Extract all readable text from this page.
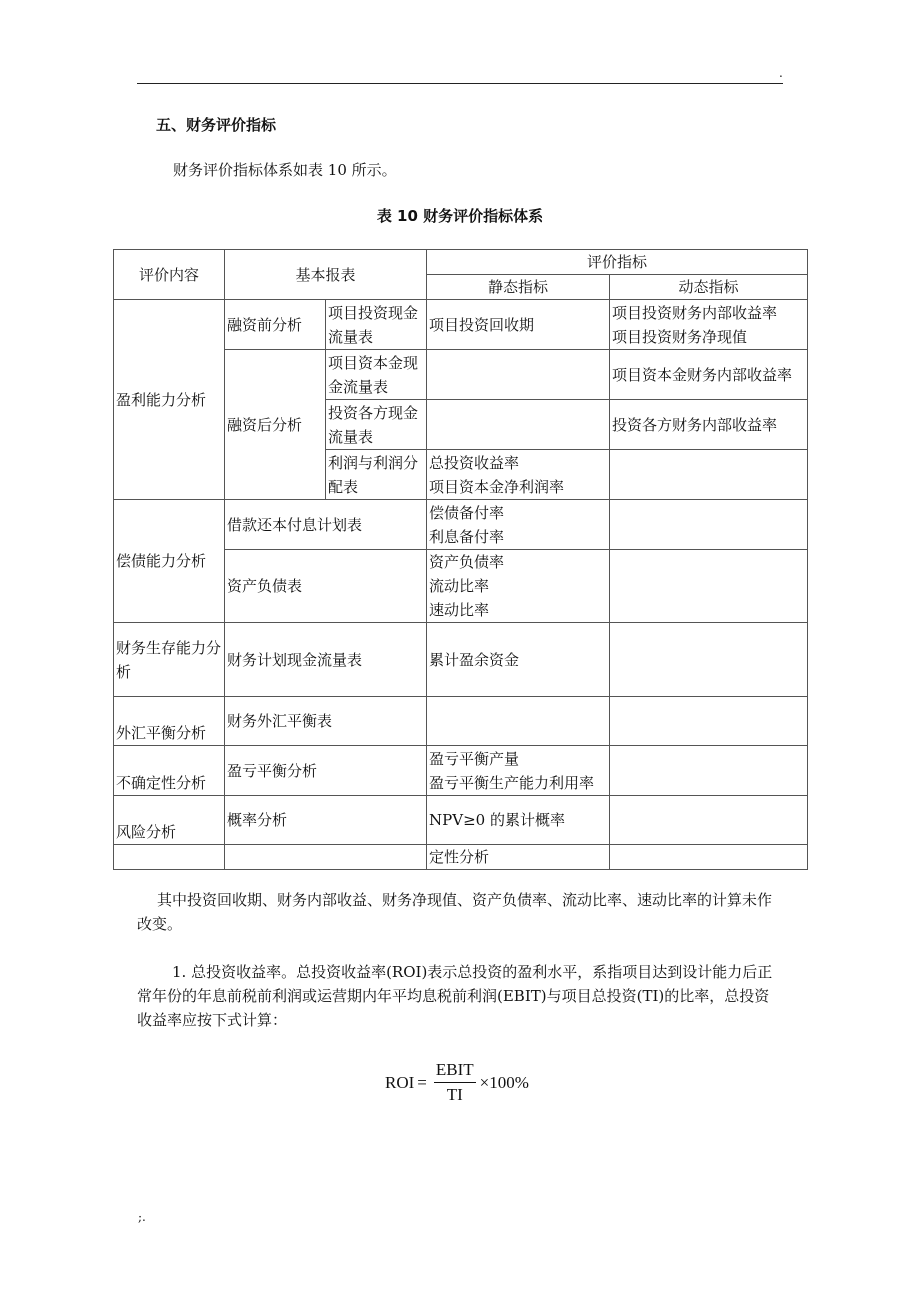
.
五、财务评价指标
财务评价指标体系如表 10 所示。
表 10 财务评价指标体系
评价内容	基本报表		评价指标	
			静态指标	动态指标
盈利能力分析	融资前分析	项目投资现金流量表	项目投资回收期	项目投资财务内部收益率
项目投资财务净现值

	融资后分析	项目资本金现金流量表		项目资本金财务内部收益率

		投资各方现金流量表		投资各方财务内部收益率

		利润与利润分配表	总投资收益率
项目资本金净利润率	

偿债能力分析	借款还本付息计划表		偿债备付率
利息备付率	

	资产负债表		资产负债率
流动比率
速动比率	

财务生存能力分析	财务计划现金流量表		累计盈余资金	
外汇平衡分析	财务外汇平衡表			
不确定性分析	盈亏平衡分析		盈亏平衡产量
盈亏平衡生产能力利用率	

风险分析	概率分析		NPV≥0 的累计概率	
			定性分析	
其中投资回收期、财务内部收益、财务净现值、资产负债率、流动比率、速动比率的计算未作改变。
1. 总投资收益率。总投资收益率(ROI)表示总投资的盈利水平，系指项目达到设计能力后正常年份的年息前税前利润或运营期内年平均息税前利润(EBIT)与项目总投资(TI)的比率，总投资收益率应按下式计算：
ROI = $\frac{\text{EBIT}}{TI} \times 100\%$
;.
